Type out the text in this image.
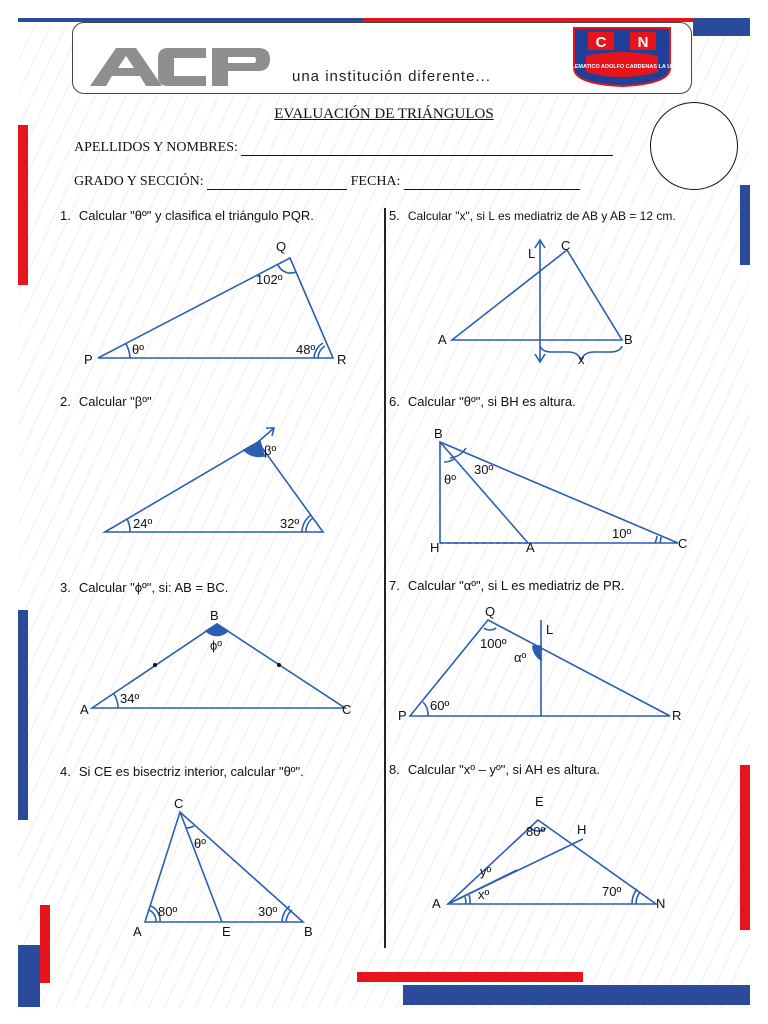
una institución diferente...
C N
EMBLEMATICO ADOLFO CARDENAS LA UNION
EVALUACIÓN DE TRIÁNGULOS
APELLIDOS Y NOMBRES:
GRADO Y SECCIÓN:	FECHA:
1. Calcular "θº" y clasifica el triángulo PQR.
2. Calcular "βº"
3. Calcular "ϕº", si: AB = BC.
4. Si CE es bisectriz interior, calcular "θº".
5. Calcular "x", si L es mediatriz de AB y AB = 12 cm.
6. Calcular "θº", si BH es altura.
7. Calcular "αº", si L es mediatriz de PR.
8. Calcular "xº – yº", si AH es altura.
P
Q
R
102º
θº	48º
βº
24º	32º
A
B
C
ϕº
34º
A	B
C
E
θº
80º	30º
A	B
C
L
x
B
C
H	A
30º
θº
10º
P
Q
R
L
100º
αº
60º
A
E
H
N
80º
yº
xº	70º
